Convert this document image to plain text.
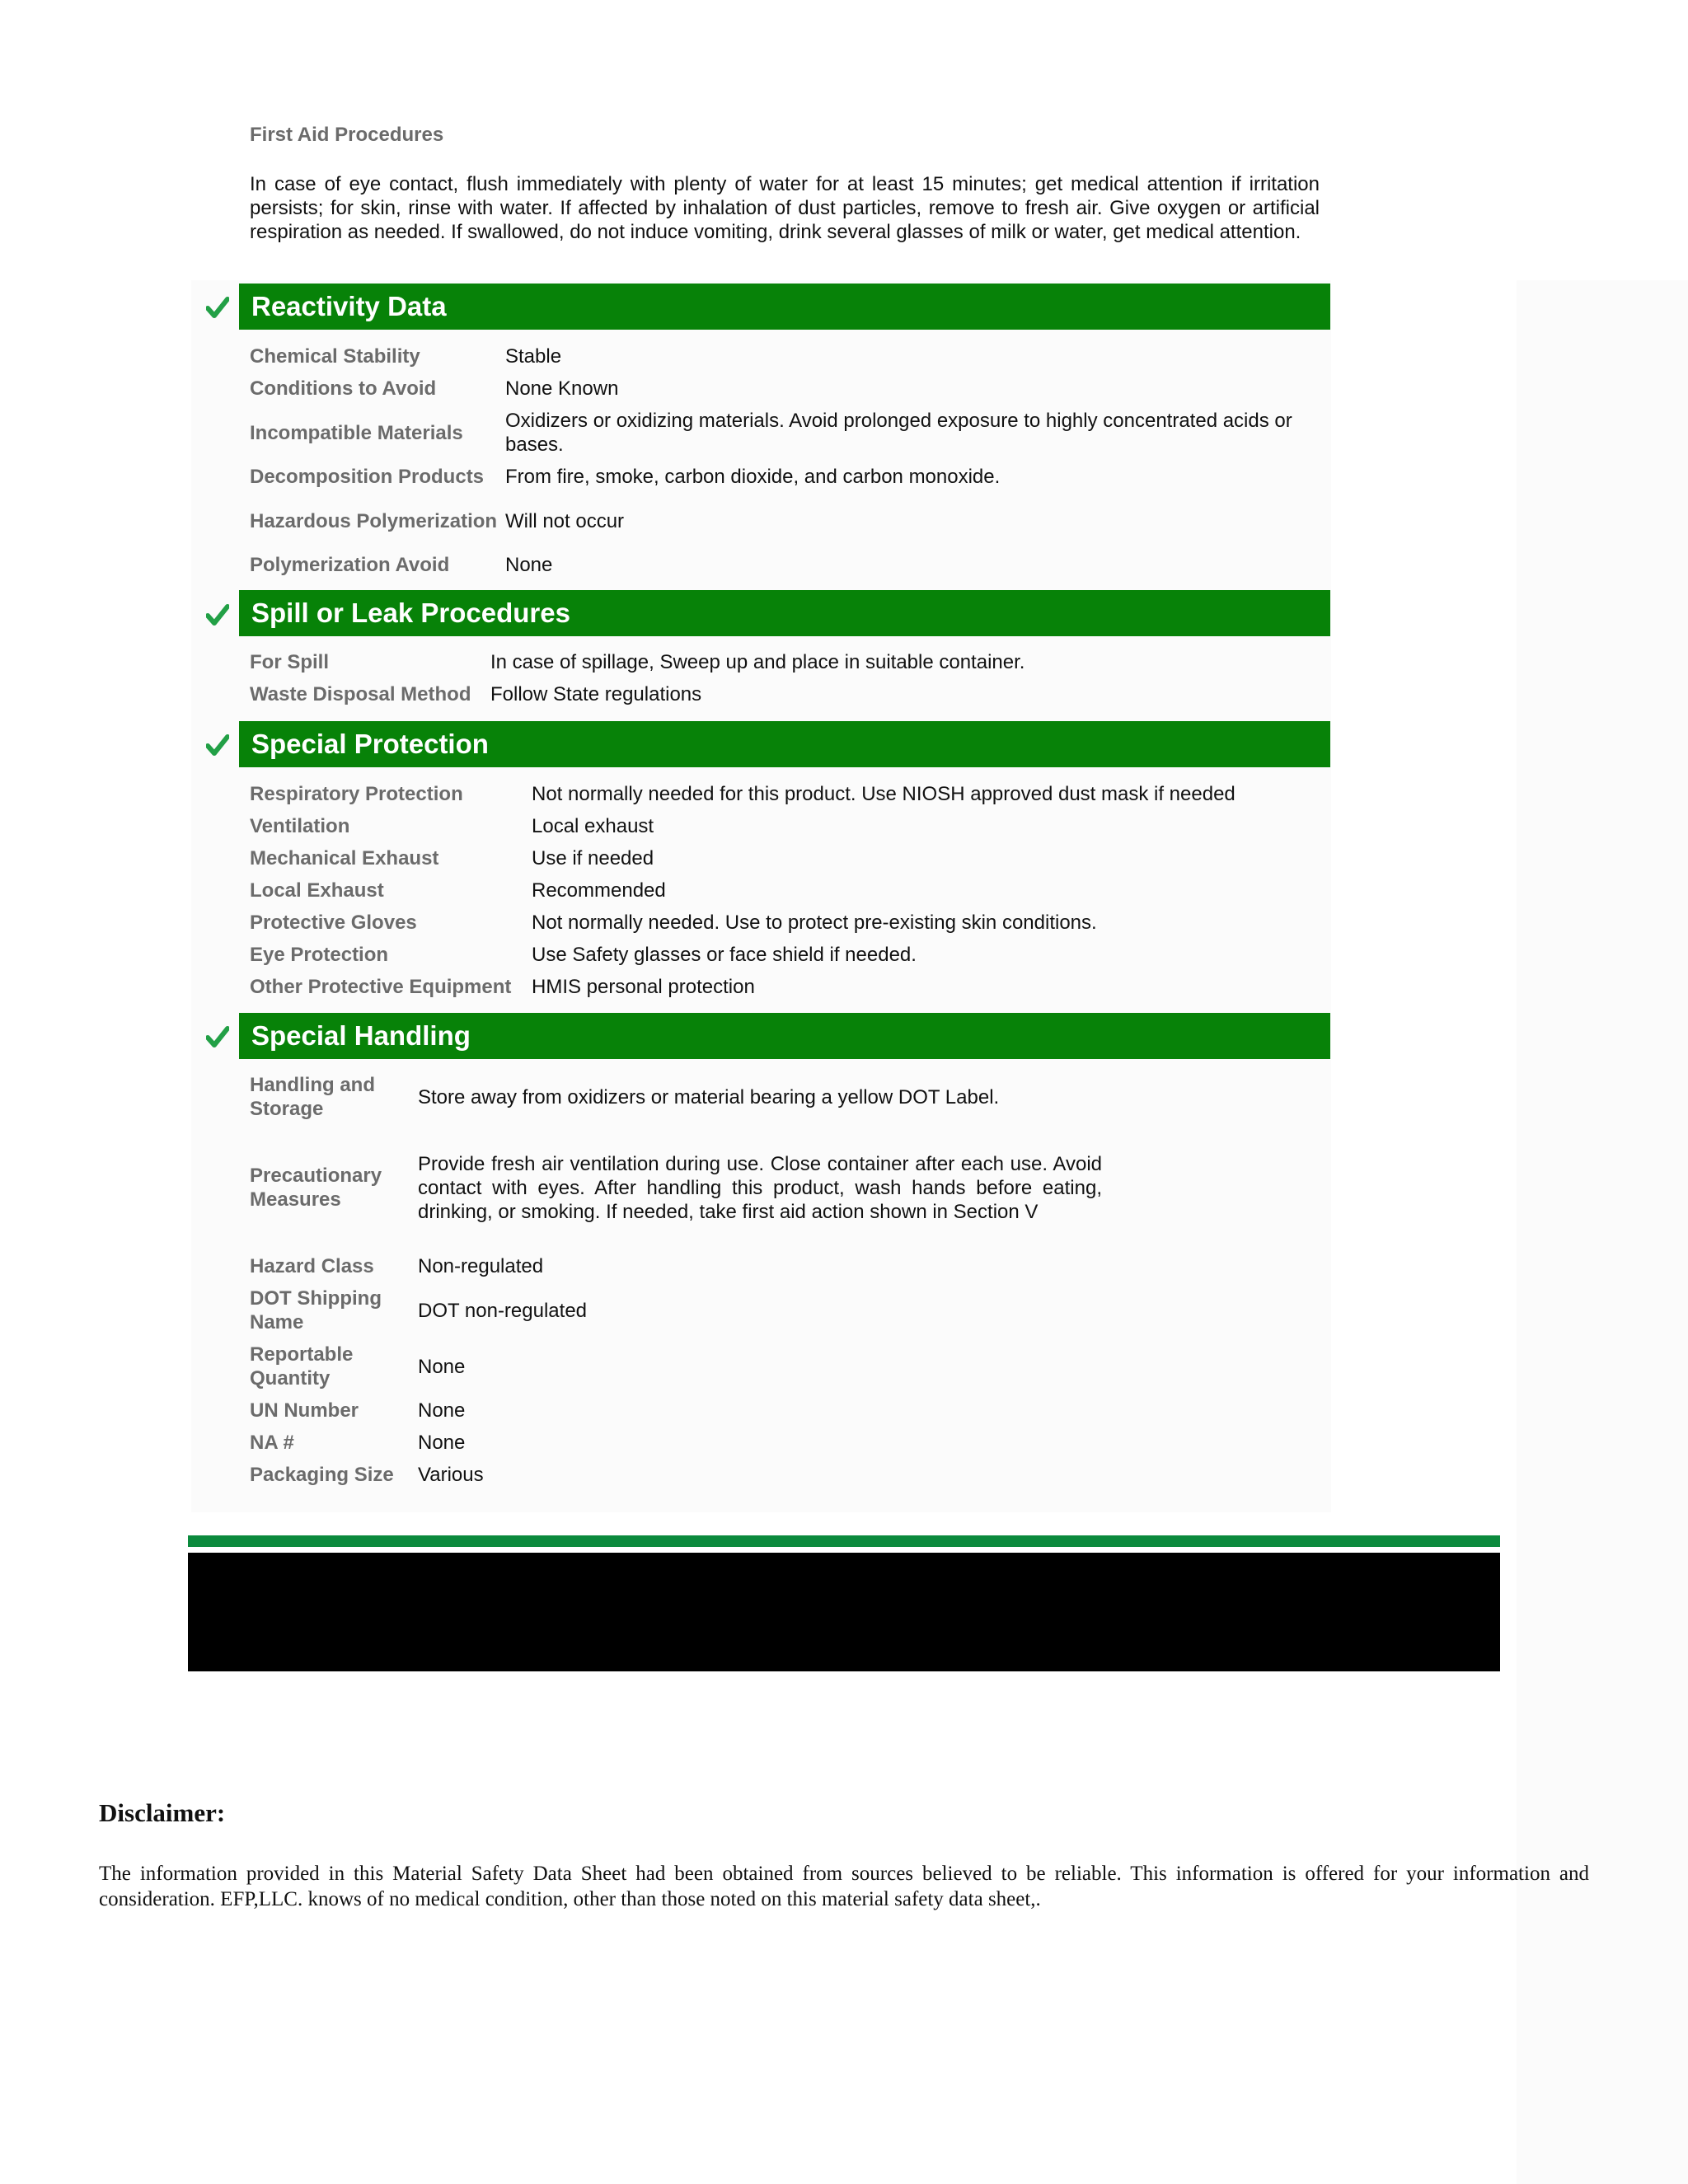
First Aid Procedures

In case of eye contact, flush immediately with plenty of water for at least 15 minutes; get medical attention if irritation persists; for skin, rinse with water. If affected by inhalation of dust particles, remove to fresh air. Give oxygen or artificial respiration as needed. If swallowed, do not induce vomiting, drink several glasses of milk or water, get medical attention.

Reactivity Data
Chemical Stability	Stable
Conditions to Avoid	None Known
Incompatible Materials	Oxidizers or oxidizing materials. Avoid prolonged exposure to highly concentrated acids or bases.
Decomposition Products	From fire, smoke, carbon dioxide, and carbon monoxide.
Hazardous Polymerization	Will not occur
Polymerization Avoid	None
Spill or Leak Procedures
For Spill	In case of spillage, Sweep up and place in suitable container.
Waste Disposal Method	Follow State regulations
Special Protection
Respiratory Protection	Not normally needed for this product. Use NIOSH approved dust mask if needed
Ventilation	Local exhaust
Mechanical Exhaust	Use if needed
Local Exhaust	Recommended
Protective Gloves	Not normally needed. Use to protect pre-existing skin conditions.
Eye Protection	Use Safety glasses or face shield if needed.
Other Protective Equipment	HMIS personal protection
Special Handling
Handling and Storage	Store away from oxidizers or material bearing a yellow DOT Label.
Precautionary Measures	Provide fresh air ventilation during use. Close container after each use. Avoid contact with eyes. After handling this product, wash hands before eating, drinking, or smoking. If needed, take first aid action shown in Section V
Hazard Class	Non-regulated
DOT Shipping Name	DOT non-regulated
Reportable Quantity	None
UN Number	None
NA #	None
Packaging Size	Various
Disclaimer:

The information provided in this Material Safety Data Sheet had been obtained from sources believed to be reliable. This information is offered for your information and consideration. EFP,LLC. knows of no medical condition, other than those noted on this material safety data sheet,.
